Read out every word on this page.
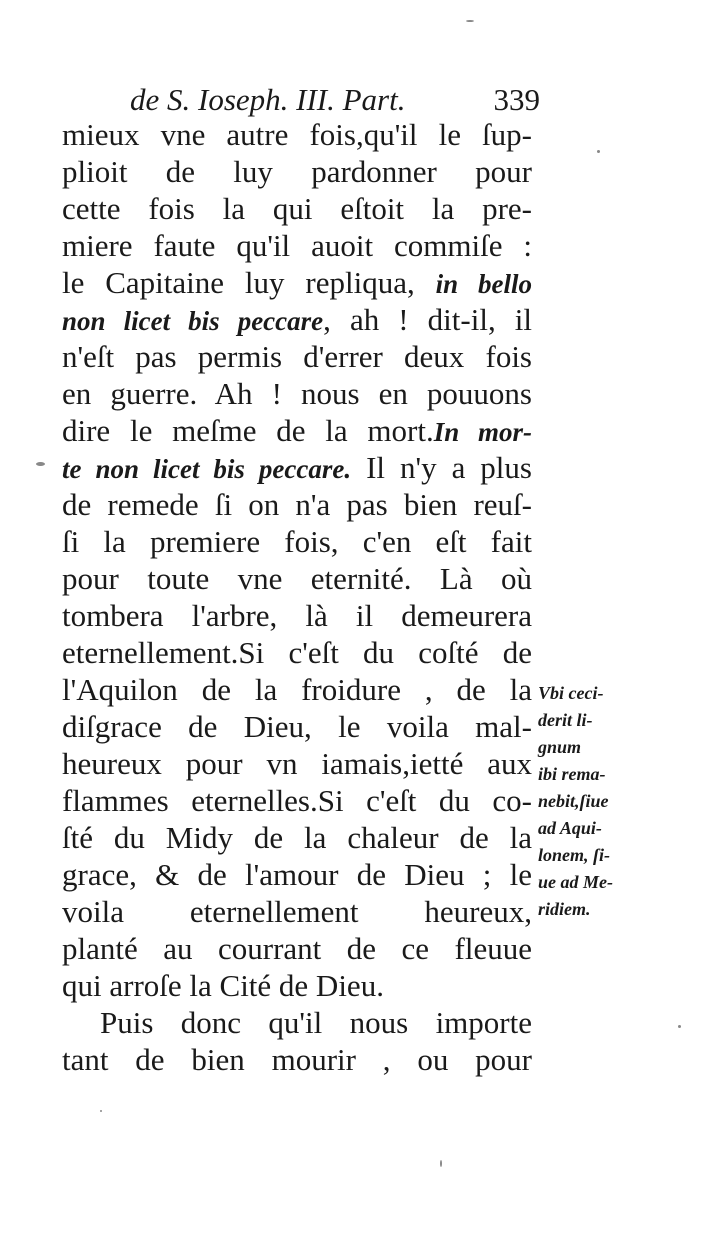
de S. Ioseph. III. Part.	339
mieux vne autre fois,qu'il le ſup-
plioit de luy pardonner pour
cette fois la qui eſtoit la pre-
miere faute qu'il auoit commiſe :
le Capitaine luy repliqua, in bello
non licet bis peccare, ah ! dit-il, il
n'eſt pas permis d'errer deux fois
en guerre. Ah ! nous en pouuons
dire le meſme de la mort.In mor-
te non licet bis peccare. Il n'y a plus
de remede ſi on n'a pas bien reuſ-
ſi la premiere fois, c'en eſt fait
pour toute vne eternité. Là où
tombera l'arbre, là il demeurera
eternellement.Si c'eſt du coſté de
l'Aquilon de la froidure , de la
diſgrace de Dieu, le voila mal-
heureux pour vn iamais,ietté aux
flammes eternelles.Si c'eſt du co-
ſté du Midy de la chaleur de la
grace, & de l'amour de Dieu ; le
voila eternellement heureux,
planté au courrant de ce fleuue
qui arroſe la Cité de Dieu.
Puis donc qu'il nous importe
tant de bien mourir , ou pour
Vbi ceci-
derit li-
gnum
ibi rema-
nebit,ſiue
ad Aqui-
lonem, ſi-
ue ad Me-
ridiem.
